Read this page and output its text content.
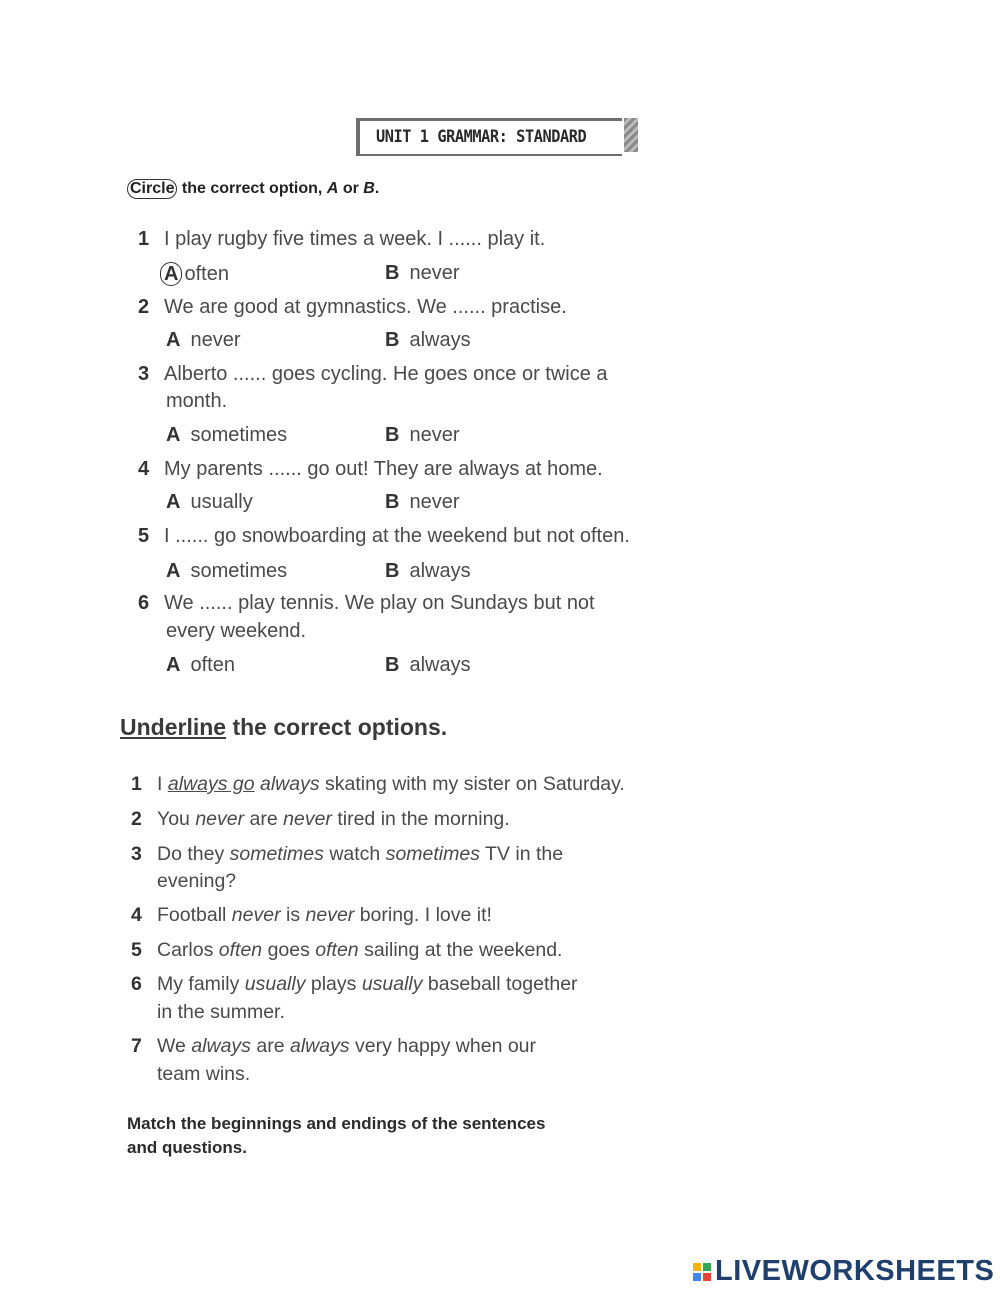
UNIT 1 GRAMMAR: STANDARD
Circle the correct option, A or B.
1 I play rugby five times a week. I ...... play it.
A often	B never
2 We are good at gymnastics. We ...... practise.
A never	B always
3 Alberto ...... goes cycling. He goes once or twice a
month.
A sometimes	B never
4 My parents ...... go out! They are always at home.
A usually	B never
5 I ...... go snowboarding at the weekend but not often.
A sometimes	B always
6 We ...... play tennis. We play on Sundays but not
every weekend.
A often	B always
Underline the correct options.
1 I always go always skating with my sister on Saturday.
2 You never are never tired in the morning.
3 Do they sometimes watch sometimes TV in the
evening?
4 Football never is never boring. I love it!
5 Carlos often goes often sailing at the weekend.
6 My family usually plays usually baseball together
in the summer.
7 We always are always very happy when our
team wins.
Match the beginnings and endings of the sentences
and questions.
LIVEWORKSHEETS
